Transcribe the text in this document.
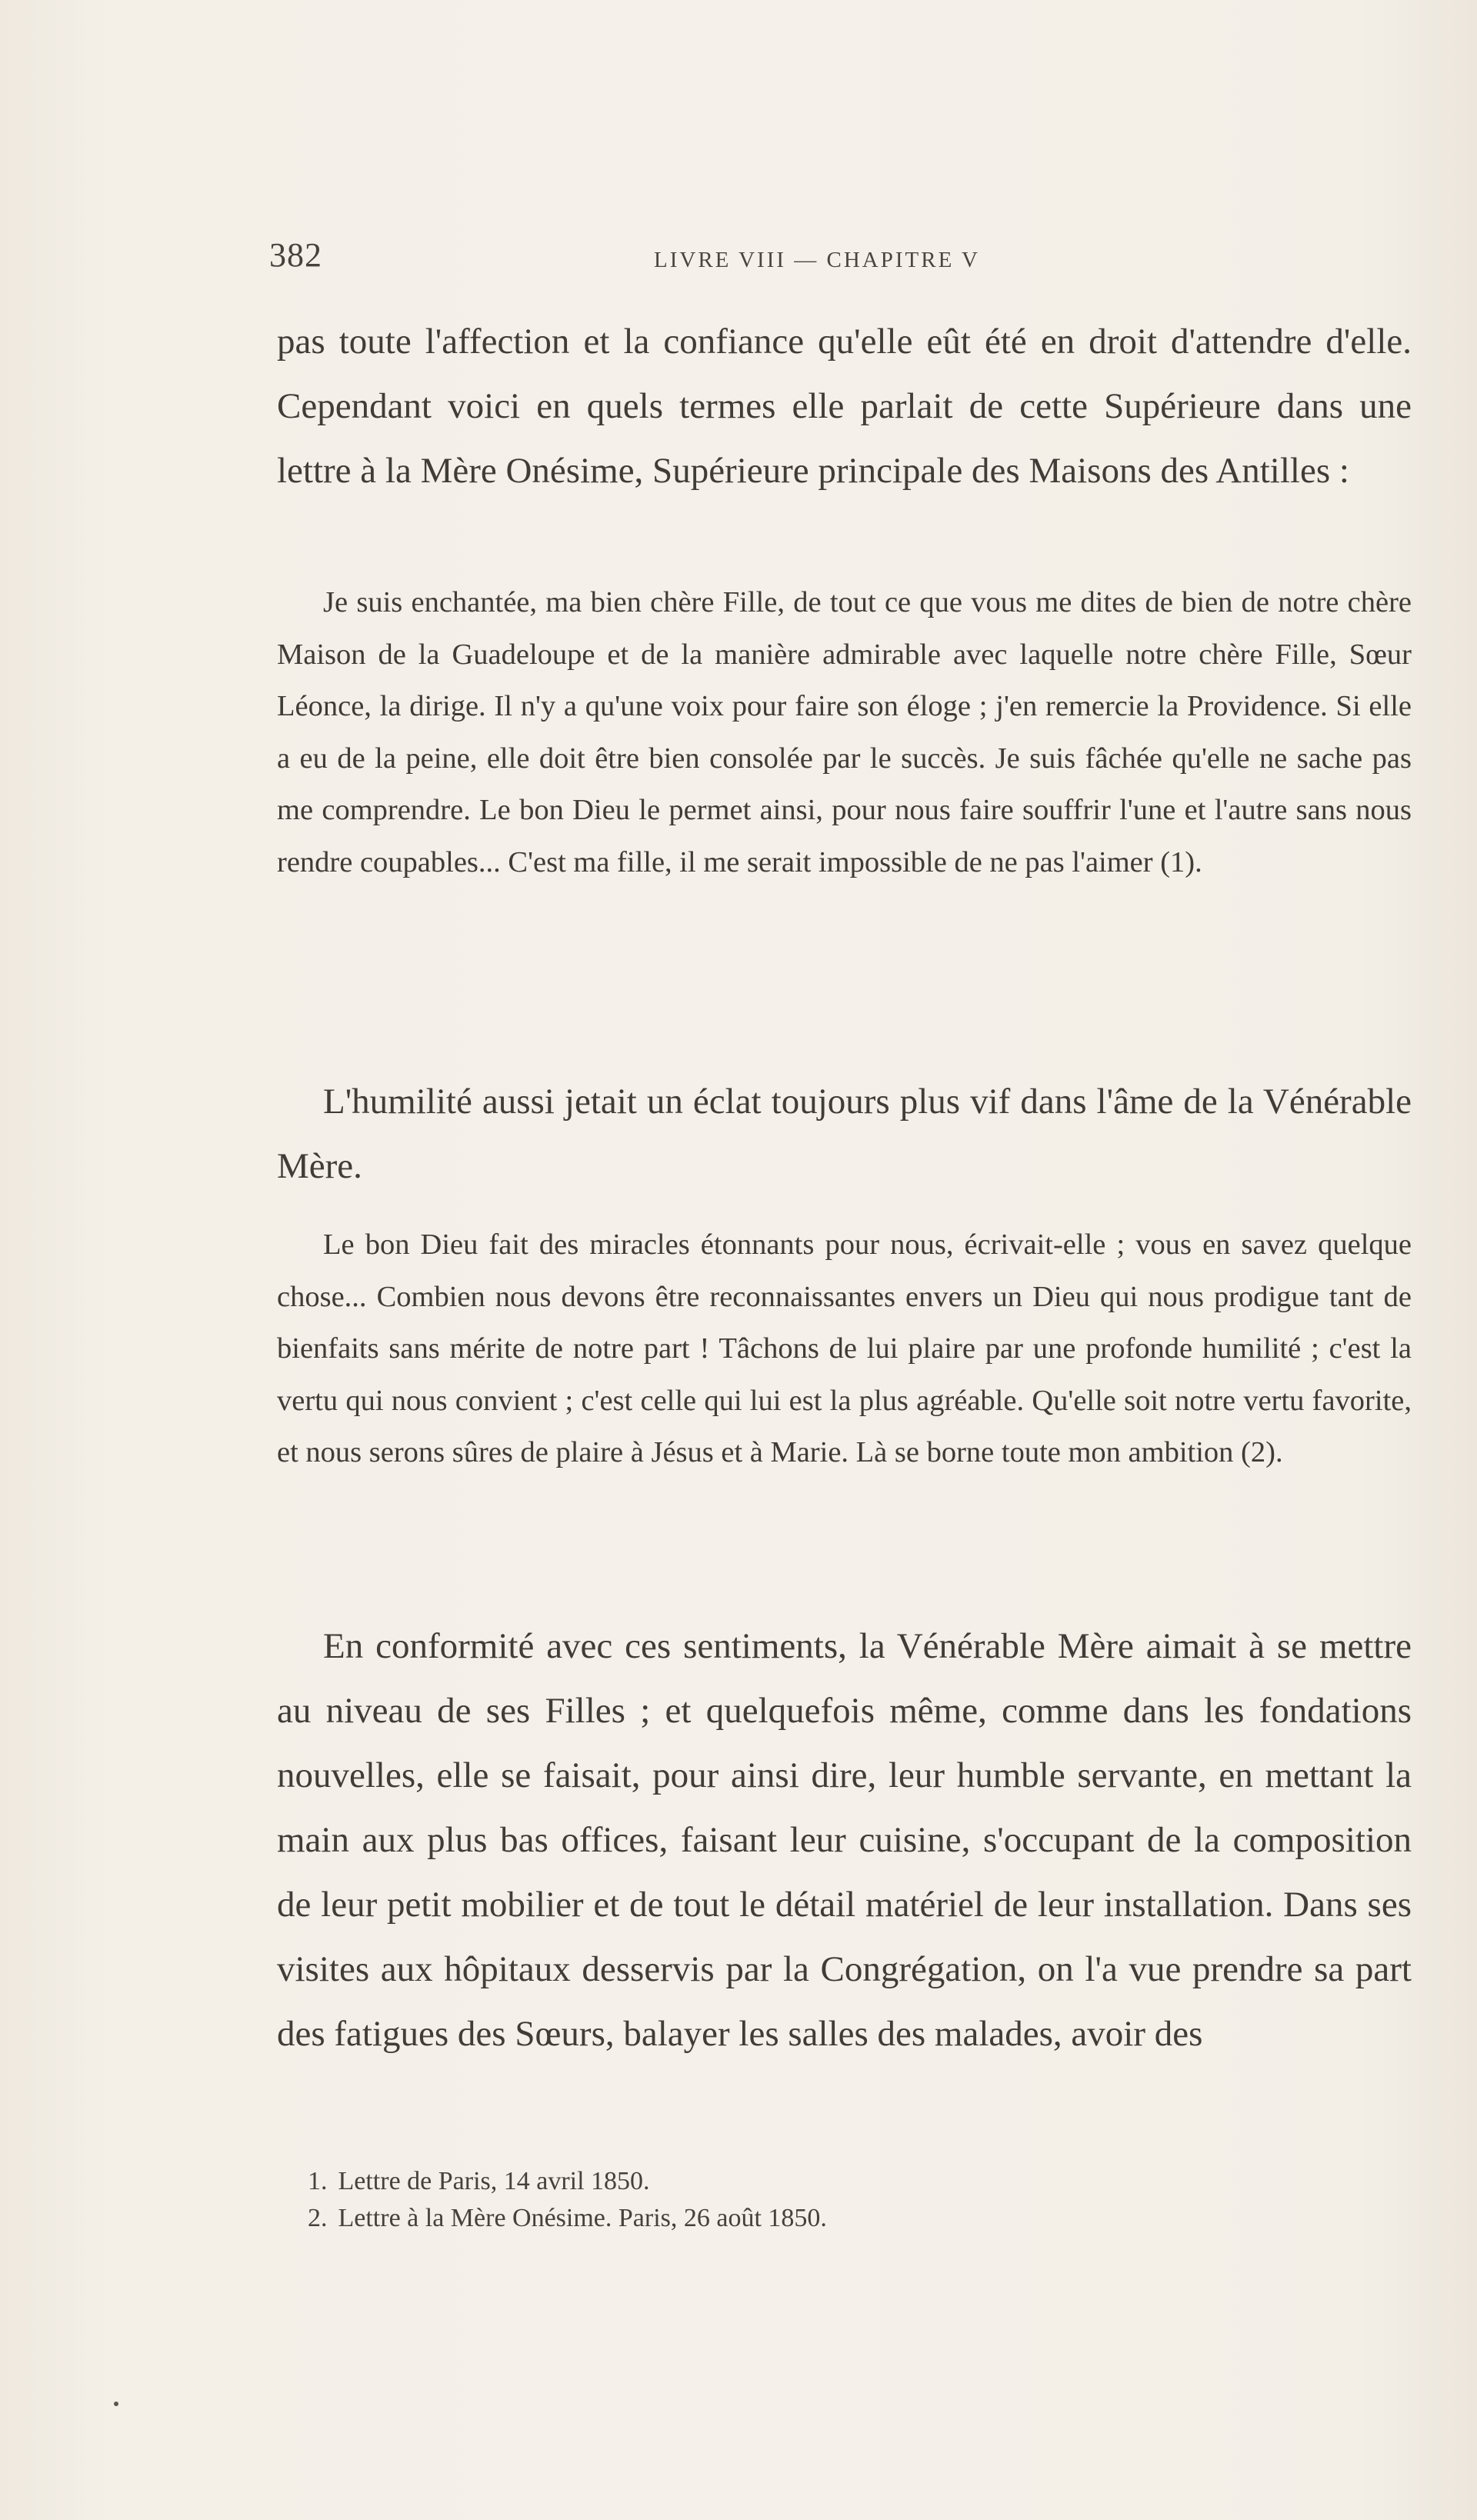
382	LIVRE VIII — CHAPITRE V

pas toute l'affection et la confiance qu'elle eût été en droit d'attendre d'elle. Cependant voici en quels termes elle parlait de cette Supérieure dans une lettre à la Mère Onésime, Supérieure principale des Maisons des Antilles :

Je suis enchantée, ma bien chère Fille, de tout ce que vous me dites de bien de notre chère Maison de la Guadeloupe et de la manière admirable avec laquelle notre chère Fille, Sœur Léonce, la dirige. Il n'y a qu'une voix pour faire son éloge ; j'en remercie la Providence. Si elle a eu de la peine, elle doit être bien consolée par le succès. Je suis fâchée qu'elle ne sache pas me comprendre. Le bon Dieu le permet ainsi, pour nous faire souffrir l'une et l'autre sans nous rendre coupables... C'est ma fille, il me serait impossible de ne pas l'aimer (1).

L'humilité aussi jetait un éclat toujours plus vif dans l'âme de la Vénérable Mère.

Le bon Dieu fait des miracles étonnants pour nous, écrivait-elle ; vous en savez quelque chose... Combien nous devons être reconnaissantes envers un Dieu qui nous prodigue tant de bienfaits sans mérite de notre part ! Tâchons de lui plaire par une profonde humilité ; c'est la vertu qui nous convient ; c'est celle qui lui est la plus agréable. Qu'elle soit notre vertu favorite, et nous serons sûres de plaire à Jésus et à Marie. Là se borne toute mon ambition (2).

En conformité avec ces sentiments, la Vénérable Mère aimait à se mettre au niveau de ses Filles ; et quelquefois même, comme dans les fondations nouvelles, elle se faisait, pour ainsi dire, leur humble servante, en mettant la main aux plus bas offices, faisant leur cuisine, s'occupant de la composition de leur petit mobilier et de tout le détail matériel de leur installation. Dans ses visites aux hôpitaux desservis par la Congrégation, on l'a vue prendre sa part des fatigues des Sœurs, balayer les salles des malades, avoir des

1. Lettre de Paris, 14 avril 1850.

2. Lettre à la Mère Onésime. Paris, 26 août 1850.
